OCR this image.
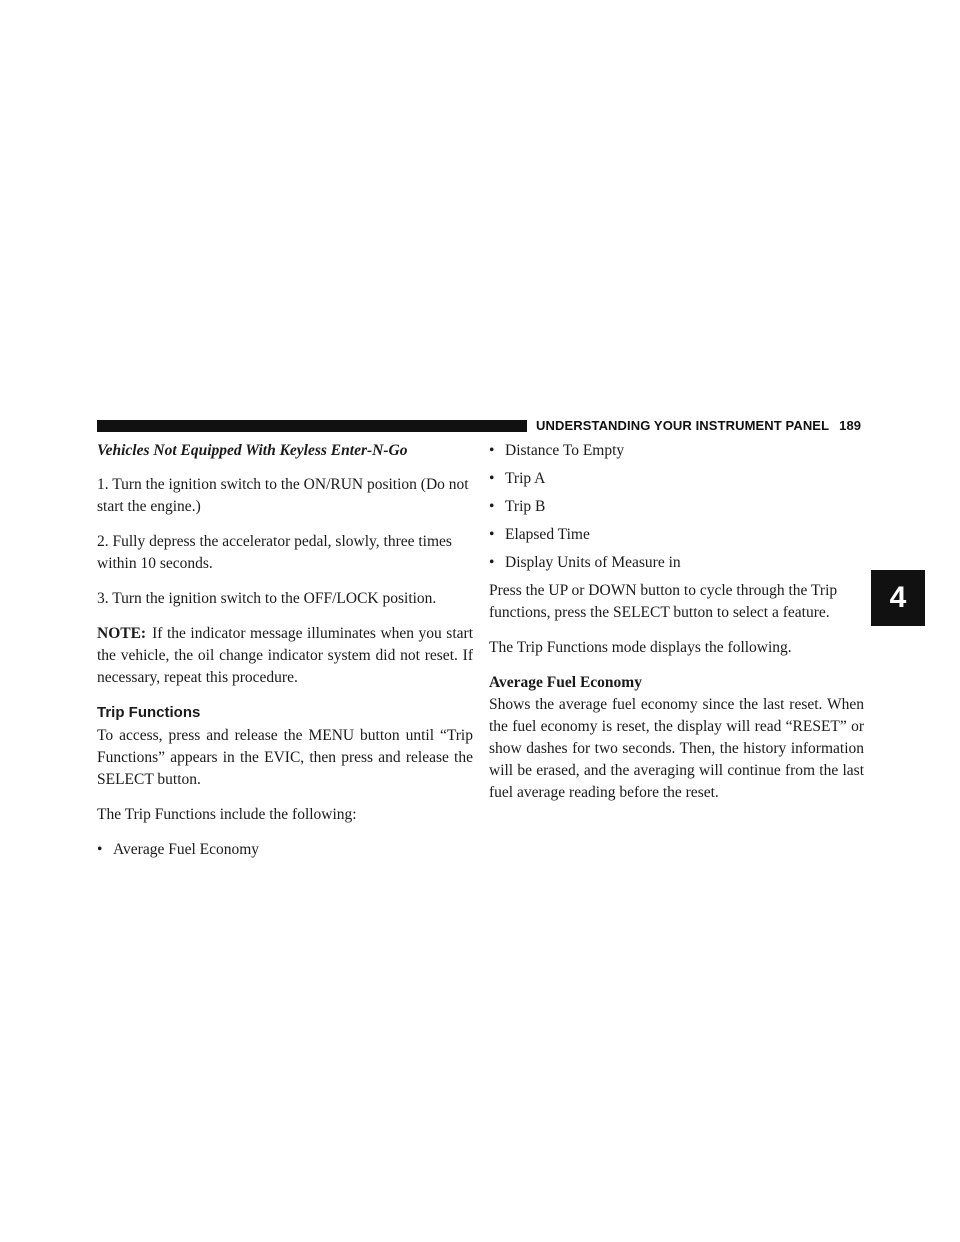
UNDERSTANDING YOUR INSTRUMENT PANEL 189
4

Vehicles Not Equipped With Keyless Enter-N-Go

1. Turn the ignition switch to the ON/RUN position (Do not start the engine.)

2. Fully depress the accelerator pedal, slowly, three times within 10 seconds.

3. Turn the ignition switch to the OFF/LOCK position.

NOTE: If the indicator message illuminates when you start the vehicle, the oil change indicator system did not reset. If necessary, repeat this procedure.

Trip Functions

To access, press and release the MENU button until “Trip Functions” appears in the EVIC, then press and release the SELECT button.

The Trip Functions include the following:

• Average Fuel Economy
• Distance To Empty
• Trip A
• Trip B
• Elapsed Time
• Display Units of Measure in

Press the UP or DOWN button to cycle through the Trip functions, press the SELECT button to select a feature.

The Trip Functions mode displays the following.

Average Fuel Economy

Shows the average fuel economy since the last reset. When the fuel economy is reset, the display will read “RESET” or show dashes for two seconds. Then, the history information will be erased, and the averaging will continue from the last fuel average reading before the reset.
